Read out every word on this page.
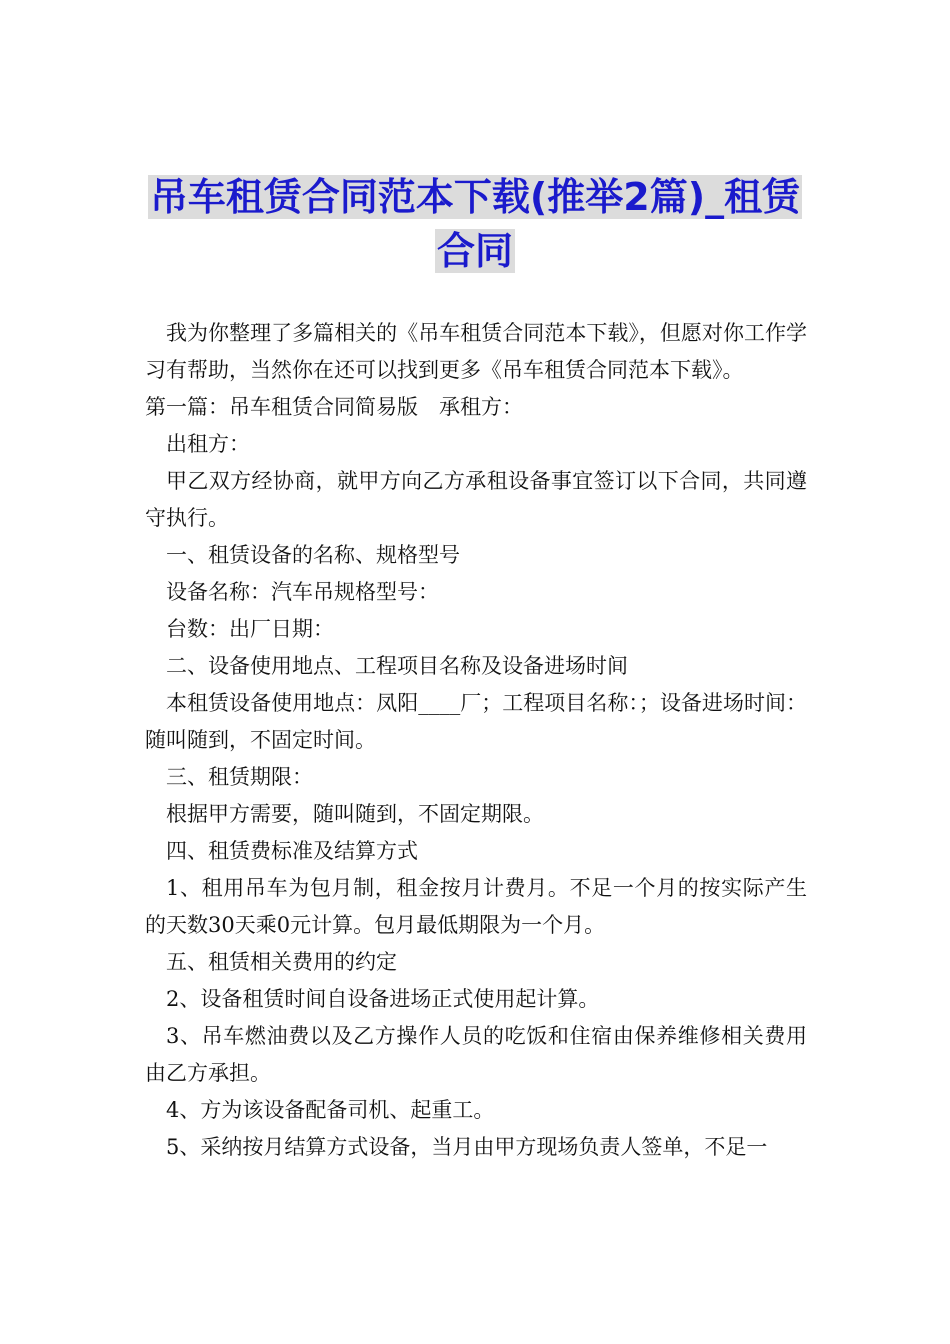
吊车租赁合同范本下载(推举2篇)_租赁合同

我为你整理了多篇相关的《吊车租赁合同范本下载》，但愿对你工作学习有帮助，当然你在还可以找到更多《吊车租赁合同范本下载》。

第一篇：吊车租赁合同简易版　承租方：

出租方：

甲乙双方经协商，就甲方向乙方承租设备事宜签订以下合同，共同遵守执行。

一、租赁设备的名称、规格型号

设备名称：汽车吊规格型号：

台数：出厂日期：

二、设备使用地点、工程项目名称及设备进场时间

本租赁设备使用地点：凤阳____厂；工程项目名称：；设备进场时间：随叫随到，不固定时间。

三、租赁期限：

根据甲方需要，随叫随到，不固定期限。

四、租赁费标准及结算方式

1、租用吊车为包月制，租金按月计费月。不足一个月的按实际产生的天数30天乘0元计算。包月最低期限为一个月。

五、租赁相关费用的约定

2、设备租赁时间自设备进场正式使用起计算。

3、吊车燃油费以及乙方操作人员的吃饭和住宿由保养维修相关费用由乙方承担。

4、方为该设备配备司机、起重工。

5、采纳按月结算方式设备，当月由甲方现场负责人签单，不足一
